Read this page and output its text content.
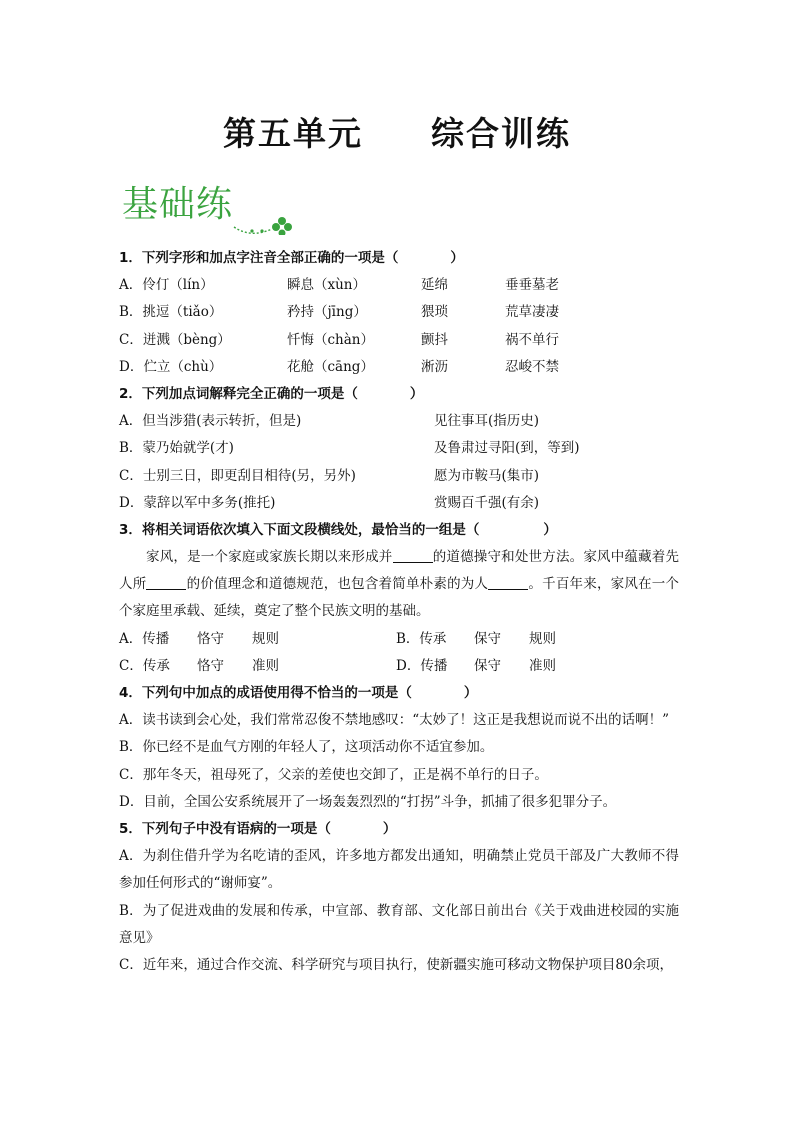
第五单元 综合训练
基础练
1．下列字形和加点字注音全部正确的一项是（	）
A．伶仃（lín）	瞬息（xùn）	延绵	垂垂墓老
B．挑逗（tiǎo）	矜持（jīng）	猥琐	荒草凄凄
C．迸溅（bèng）	忏悔（chàn）	颤抖	祸不单行
D．伫立（chù）	花舱（cāng）	淅沥	忍峻不禁
2．下列加点词解释完全正确的一项是（	）
A．但当涉猎(表示转折，但是)	见往事耳(指历史)
B．蒙乃始就学(才)	及鲁肃过寻阳(到，等到)
C．士别三日，即更刮目相待(另，另外)	愿为市鞍马(集市)
D．蒙辞以军中多务(推托)	赏赐百千强(有余)
3．将相关词语依次填入下面文段横线处，最恰当的一组是（	）
家风，是一个家庭或家族长期以来形成并	的道德操守和处世方法。家风中蕴藏着先人所	的价值理念和道德规范，也包含着简单朴素的为人	。千百年来，家风在一个个家庭里承载、延续，奠定了整个民族文明的基础。
A．传播 恪守 规则	B．传承 保守 规则
C．传承 恪守 准则	D．传播 保守 准则
4．下列句中加点的成语使用得不恰当的一项是（	）
A．读书读到会心处，我们常常忍俊不禁地感叹：“太妙了！这正是我想说而说不出的话啊！”
B．你已经不是血气方刚的年轻人了，这项活动你不适宜参加。
C．那年冬天，祖母死了，父亲的差使也交卸了，正是祸不单行的日子。
D．目前，全国公安系统展开了一场轰轰烈烈的“打拐”斗争，抓捕了很多犯罪分子。
5．下列句子中没有语病的一项是（	）
A．为刹住借升学为名吃请的歪风，许多地方都发出通知，明确禁止党员干部及广大教师不得参加任何形式的“谢师宴”。
B．为了促进戏曲的发展和传承，中宣部、教育部、文化部日前出台《关于戏曲进校园的实施意见》
C．近年来，通过合作交流、科学研究与项目执行，使新疆实施可移动文物保护项目80余项，
